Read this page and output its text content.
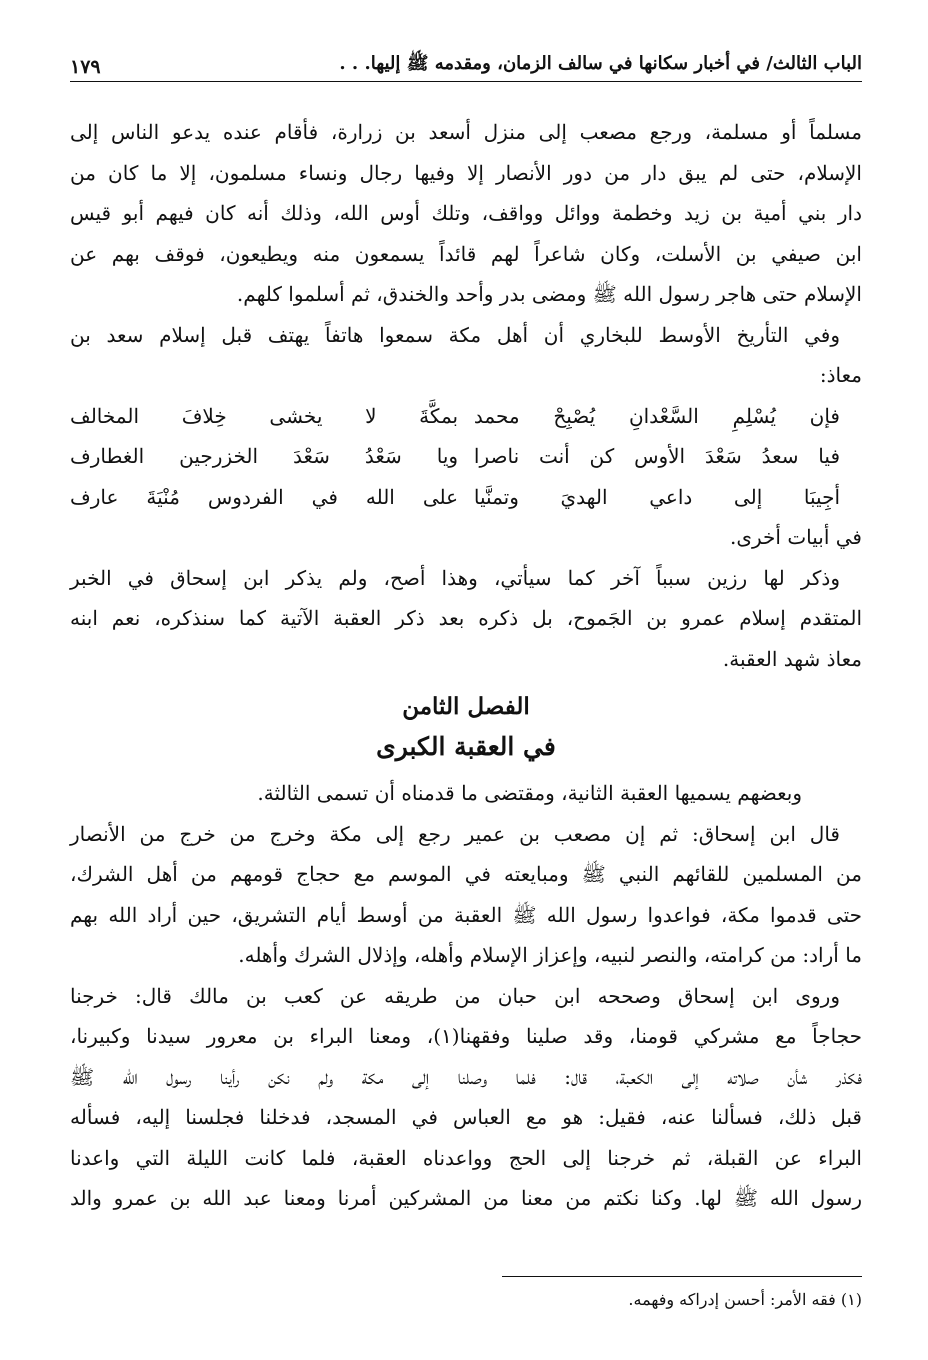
الباب الثالث/ في أخبار سكانها في سالف الزمان، ومقدمه ﷺ إليها. . .
١٧٩

مسلماً أو مسلمة، ورجع مصعب إلى منزل أسعد بن زرارة، فأقام عنده يدعو الناس إلى
الإسلام، حتى لم يبق دار من دور الأنصار إلا وفيها رجال ونساء مسلمون، إلا ما كان من
دار بني أمية بن زيد وخطمة ووائل وواقف، وتلك أوس الله، وذلك أنه كان فيهم أبو قيس
ابن صيفي بن الأسلت، وكان شاعراً لهم قائداً يسمعون منه ويطيعون، فوقف بهم عن
الإسلام حتى هاجر رسول الله ﷺ ومضى بدر وأحد والخندق، ثم أسلموا كلهم.

وفي التأريخ الأوسط للبخاري أن أهل مكة سمعوا هاتفاً يهتف قبل إسلام سعد بن
معاذ:

فإن يُسْلِمِ السَّعْدانِ يُصْبِحْ محمد
بمكَّةَ لا يخشى خِلافَ المخالف
فيا سعدُ سَعْدَ الأوس كن أنت ناصرا
ويا سَعْدُ سَعْدَ الخزرجين الغطارف
أجِيبَا إلى داعي الهديَ وتمنَّيا
على الله في الفردوس مُنْيَةَ عارف

في أبيات أخرى.

وذكر لها رزين سبباً آخر كما سيأتي، وهذا أصح، ولم يذكر ابن إسحاق في الخبر
المتقدم إسلام عمرو بن الجَموح، بل ذكره بعد ذكر العقبة الآتية كما سنذكره، نعم ابنه
معاذ شهد العقبة.

الفصل الثامن
في العقبة الكبرى

وبعضهم يسميها العقبة الثانية، ومقتضى ما قدمناه أن تسمى الثالثة.

قال ابن إسحاق: ثم إن مصعب بن عمير رجع إلى مكة وخرج من خرج من الأنصار
من المسلمين للقائهم النبي ﷺ ومبايعته في الموسم مع حجاج قومهم من أهل الشرك،
حتى قدموا مكة، فواعدوا رسول الله ﷺ العقبة من أوسط أيام التشريق، حين أراد الله بهم
ما أراد: من كرامته، والنصر لنبيه، وإعزاز الإسلام وأهله، وإذلال الشرك وأهله.

وروى ابن إسحاق وصححه ابن حبان من طريقه عن كعب بن مالك قال: خرجنا
حجاجاً مع مشركي قومنا، وقد صلينا وفقهنا(١)، ومعنا البراء بن معرور سيدنا وكبيرنا،
فكذر شأن صلاته إلى الكعبة، قال: فلما وصلنا إلى مكة ولم نكن رأينا رسول الله ﷺ
قبل ذلك، فسألنا عنه، فقيل: هو مع العباس في المسجد، فدخلنا فجلسنا إليه، فسأله
البراء عن القبلة، ثم خرجنا إلى الحج وواعدناه العقبة، فلما كانت الليلة التي واعدنا
رسول الله ﷺ لها. وكنا نكتم من معنا من المشركين أمرنا ومعنا عبد الله بن عمرو والد

(١) فقه الأمر: أحسن إدراكه وفهمه.
